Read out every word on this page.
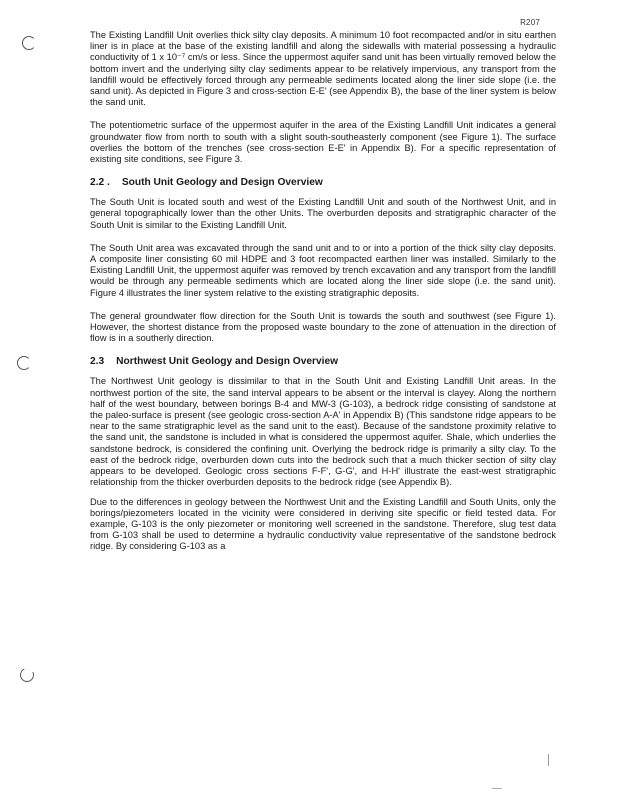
R207

The Existing Landfill Unit overlies thick silty clay deposits. A minimum 10 foot recompacted and/or in situ earthen liner is in place at the base of the existing landfill and along the sidewalls with material possessing a hydraulic conductivity of 1 x 10⁻⁷ cm/s or less. Since the uppermost aquifer sand unit has been virtually removed below the bottom invert and the underlying silty clay sediments appear to be relatively impervious, any transport from the landfill would be effectively forced through any permeable sediments located along the liner side slope (i.e. the sand unit). As depicted in Figure 3 and cross-section E-E' (see Appendix B), the base of the liner system is below the sand unit.

The potentiometric surface of the uppermost aquifer in the area of the Existing Landfill Unit indicates a general groundwater flow from north to south with a slight south-southeasterly component (see Figure 1). The surface overlies the bottom of the trenches (see cross-section E-E' in Appendix B). For a specific representation of existing site conditions, see Figure 3.

2.2 . South Unit Geology and Design Overview

The South Unit is located south and west of the Existing Landfill Unit and south of the Northwest Unit, and in general topographically lower than the other Units. The overburden deposits and stratigraphic character of the South Unit is similar to the Existing Landfill Unit.

The South Unit area was excavated through the sand unit and to or into a portion of the thick silty clay deposits. A composite liner consisting 60 mil HDPE and 3 foot recompacted earthen liner was installed. Similarly to the Existing Landfill Unit, the uppermost aquifer was removed by trench excavation and any transport from the landfill would be through any permeable sediments which are located along the liner side slope (i.e. the sand unit). Figure 4 illustrates the liner system relative to the existing stratigraphic deposits.

The general groundwater flow direction for the South Unit is towards the south and southwest (see Figure 1). However, the shortest distance from the proposed waste boundary to the zone of attenuation in the direction of flow is in a southerly direction.

2.3 Northwest Unit Geology and Design Overview

The Northwest Unit geology is dissimilar to that in the South Unit and Existing Landfill Unit areas. In the northwest portion of the site, the sand interval appears to be absent or the interval is clayey. Along the northern half of the west boundary, between borings B-4 and MW-3 (G-103), a bedrock ridge consisting of sandstone at the paleo-surface is present (see geologic cross-section A-A' in Appendix B) (This sandstone ridge appears to be near to the same stratigraphic level as the sand unit to the east). Because of the sandstone proximity relative to the sand unit, the sandstone is included in what is considered the uppermost aquifer. Shale, which underlies the sandstone bedrock, is considered the confining unit. Overlying the bedrock ridge is primarily a silty clay. To the east of the bedrock ridge, overburden down cuts into the bedrock such that a much thicker section of silty clay appears to be developed. Geologic cross sections F-F', G-G', and H-H' illustrate the east-west stratigraphic relationship from the thicker overburden deposits to the bedrock ridge (see Appendix B).

Due to the differences in geology between the Northwest Unit and the Existing Landfill and South Units, only the borings/piezometers located in the vicinity were considered in deriving site specific or field tested data. For example, G-103 is the only piezometer or monitoring well screened in the sandstone. Therefore, slug test data from G-103 shall be used to determine a hydraulic conductivity value representative of the sandstone bedrock ridge. By considering G-103 as a
